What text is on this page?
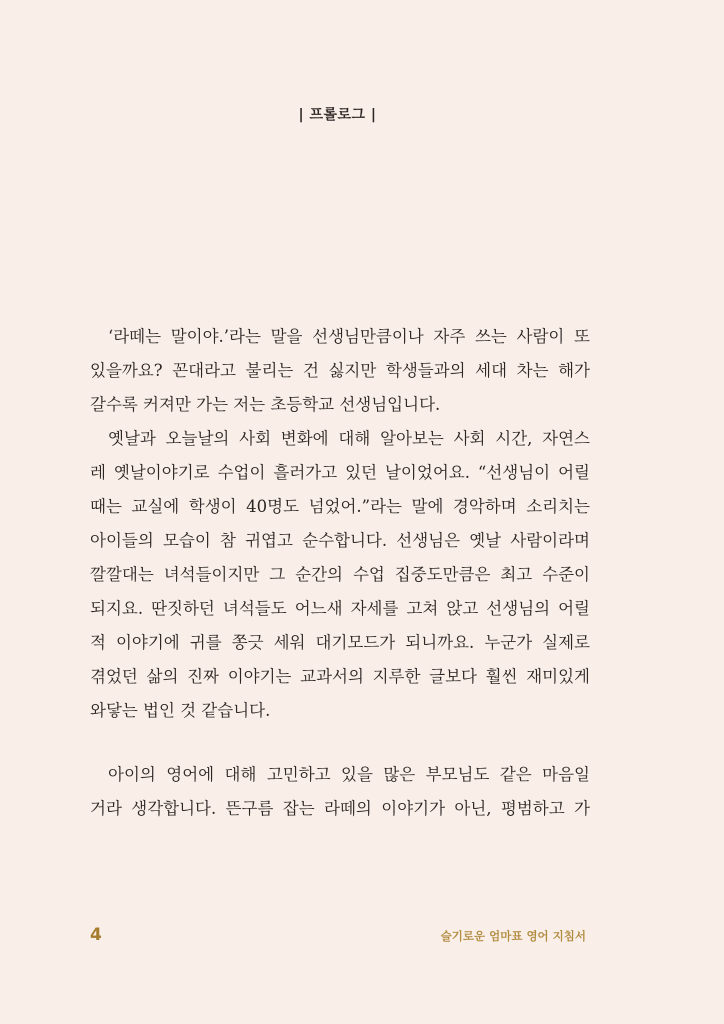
| 프롤로그 |
‘라떼는 말이야.’라는 말을 선생님만큼이나 자주 쓰는 사람이 또
있을까요? 꼰대라고 불리는 건 싫지만 학생들과의 세대 차는 해가
갈수록 커져만 가는 저는 초등학교 선생님입니다.
옛날과 오늘날의 사회 변화에 대해 알아보는 사회 시간, 자연스
레 옛날이야기로 수업이 흘러가고 있던 날이었어요. “선생님이 어릴
때는 교실에 학생이 40명도 넘었어.”라는 말에 경악하며 소리치는
아이들의 모습이 참 귀엽고 순수합니다. 선생님은 옛날 사람이라며
깔깔대는 녀석들이지만 그 순간의 수업 집중도만큼은 최고 수준이
되지요. 딴짓하던 녀석들도 어느새 자세를 고쳐 앉고 선생님의 어릴
적 이야기에 귀를 쫑긋 세워 대기모드가 되니까요. 누군가 실제로
겪었던 삶의 진짜 이야기는 교과서의 지루한 글보다 훨씬 재미있게
와닿는 법인 것 같습니다.
아이의 영어에 대해 고민하고 있을 많은 부모님도 같은 마음일
거라 생각합니다. 뜬구름 잡는 라떼의 이야기가 아닌, 평범하고 가
4	슬기로운 엄마표 영어 지침서
